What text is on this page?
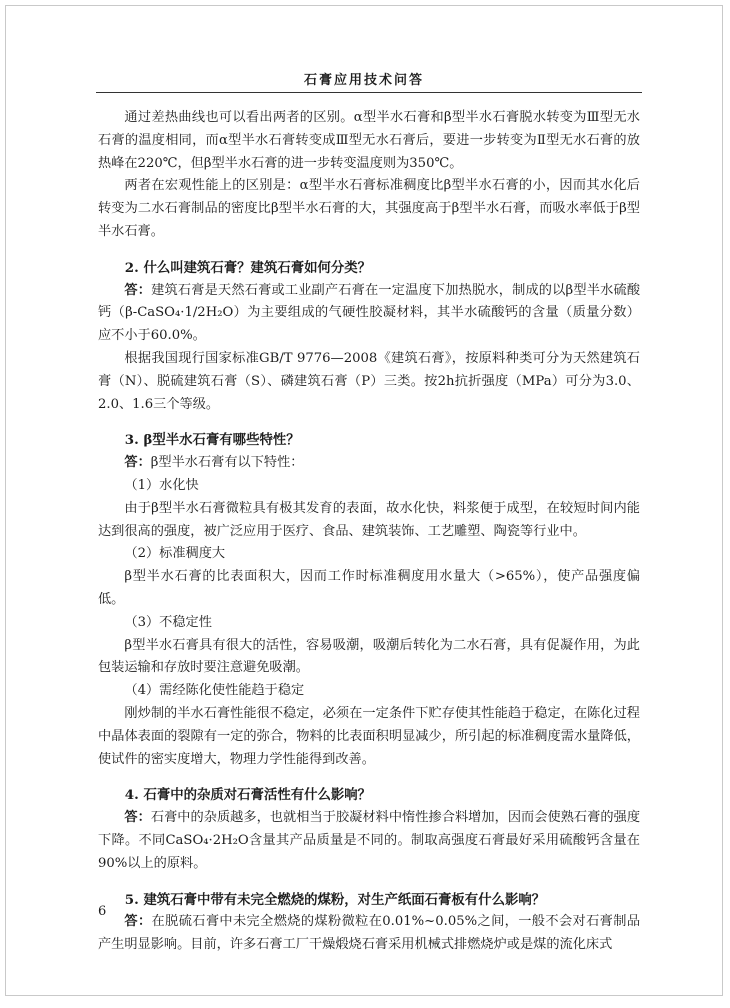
石膏应用技术问答

通过差热曲线也可以看出两者的区别。α型半水石膏和β型半水石膏脱水转变为Ⅲ型无水石膏的温度相同，而α型半水石膏转变成Ⅲ型无水石膏后，要进一步转变为Ⅱ型无水石膏的放热峰在220℃，但β型半水石膏的进一步转变温度则为350℃。

两者在宏观性能上的区别是：α型半水石膏标准稠度比β型半水石膏的小，因而其水化后转变为二水石膏制品的密度比β型半水石膏的大，其强度高于β型半水石膏，而吸水率低于β型半水石膏。

2. 什么叫建筑石膏？建筑石膏如何分类？

答：建筑石膏是天然石膏或工业副产石膏在一定温度下加热脱水，制成的以β型半水硫酸钙（β-CaSO₄·1/2H₂O）为主要组成的气硬性胶凝材料，其半水硫酸钙的含量（质量分数）应不小于60.0%。

根据我国现行国家标准GB/T 9776—2008《建筑石膏》，按原料种类可分为天然建筑石膏（N）、脱硫建筑石膏（S）、磷建筑石膏（P）三类。按2h抗折强度（MPa）可分为3.0、2.0、1.6三个等级。

3. β型半水石膏有哪些特性？

答：β型半水石膏有以下特性：

（1）水化快

由于β型半水石膏微粒具有极其发育的表面，故水化快，料浆便于成型，在较短时间内能达到很高的强度，被广泛应用于医疗、食品、建筑装饰、工艺雕塑、陶瓷等行业中。

（2）标准稠度大

β型半水石膏的比表面积大，因而工作时标准稠度用水量大（>65%），使产品强度偏低。

（3）不稳定性

β型半水石膏具有很大的活性，容易吸潮，吸潮后转化为二水石膏，具有促凝作用，为此包装运输和存放时要注意避免吸潮。

（4）需经陈化使性能趋于稳定

刚炒制的半水石膏性能很不稳定，必须在一定条件下贮存使其性能趋于稳定，在陈化过程中晶体表面的裂隙有一定的弥合，物料的比表面积明显减少，所引起的标准稠度需水量降低，使试件的密实度增大，物理力学性能得到改善。

4. 石膏中的杂质对石膏活性有什么影响？

答：石膏中的杂质越多，也就相当于胶凝材料中惰性掺合料增加，因而会使熟石膏的强度下降。不同CaSO₄·2H₂O含量其产品质量是不同的。制取高强度石膏最好采用硫酸钙含量在90%以上的原料。

5. 建筑石膏中带有未完全燃烧的煤粉，对生产纸面石膏板有什么影响？

答：在脱硫石膏中未完全燃烧的煤粉微粒在0.01%~0.05%之间，一般不会对石膏制品产生明显影响。目前，许多石膏工厂干燥煅烧石膏采用机械式排燃烧炉或是煤的流化床式

6
